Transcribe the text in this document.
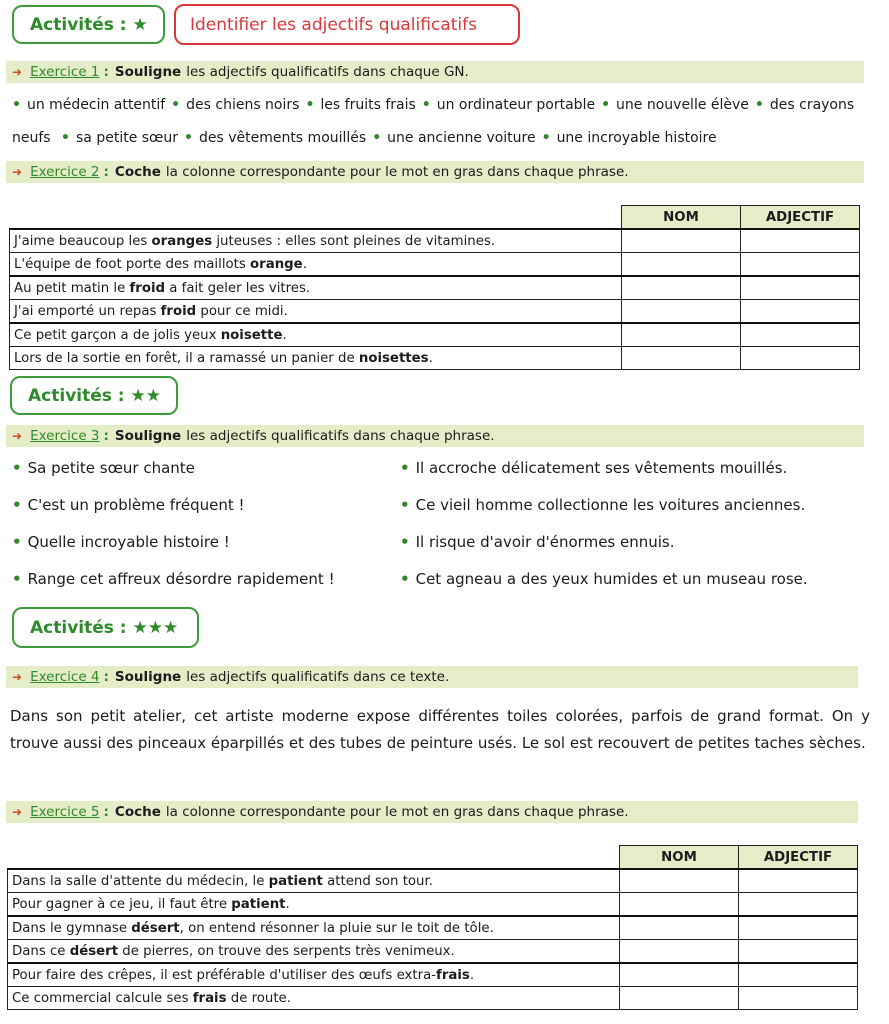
Activités : ★ Identifier les adjectifs qualificatifs
➜ Exercice 1 : Souligne les adjectifs qualificatifs dans chaque GN.
• un médecin attentif • des chiens noirs • les fruits frais • un ordinateur portable • une nouvelle élève • des crayons
neufs • sa petite sœur • des vêtements mouillés • une ancienne voiture • une incroyable histoire
➜ Exercice 2 : Coche la colonne correspondante pour le mot en gras dans chaque phrase.
	NOM	ADJECTIF
J'aime beaucoup les oranges juteuses : elles sont pleines de vitamines.		
L'équipe de foot porte des maillots orange.		
Au petit matin le froid a fait geler les vitres.		
J'ai emporté un repas froid pour ce midi.		
Ce petit garçon a de jolis yeux noisette.		
Lors de la sortie en forêt, il a ramassé un panier de noisettes.		
Activités : ★★
➜ Exercice 3 : Souligne les adjectifs qualificatifs dans chaque phrase.
• Sa petite sœur chante
• C'est un problème fréquent !
• Quelle incroyable histoire !
• Range cet affreux désordre rapidement !
• Il accroche délicatement ses vêtements mouillés.
• Ce vieil homme collectionne les voitures anciennes.
• Il risque d'avoir d'énormes ennuis.
• Cet agneau a des yeux humides et un museau rose.
Activités : ★★★
➜ Exercice 4 : Souligne les adjectifs qualificatifs dans ce texte.
Dans son petit atelier, cet artiste moderne expose différentes toiles colorées, parfois de grand format. On y trouve aussi des pinceaux éparpillés et des tubes de peinture usés. Le sol est recouvert de petites taches sèches.
➜ Exercice 5 : Coche la colonne correspondante pour le mot en gras dans chaque phrase.
	NOM	ADJECTIF
Dans la salle d'attente du médecin, le patient attend son tour.		
Pour gagner à ce jeu, il faut être patient.		
Dans le gymnase désert, on entend résonner la pluie sur le toit de tôle.		
Dans ce désert de pierres, on trouve des serpents très venimeux.		
Pour faire des crêpes, il est préférable d'utiliser des œufs extra-frais.		
Ce commercial calcule ses frais de route.		
